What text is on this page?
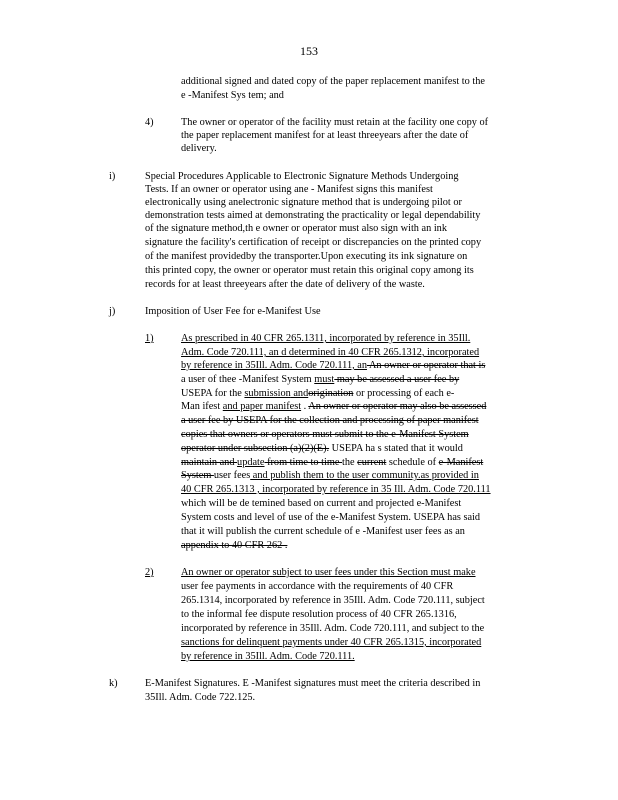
153
additional signed and dated copy of the paper replacement manifest to the
e -Manifest Sys tem; and
4)	The owner or operator of the facility must retain at the facility one copy of
the paper replacement manifest for at least threeyears after the date of
delivery.
i)	Special Procedures Applicable to Electronic Signature Methods Undergoing
Tests. If an owner or operator using ane - Manifest signs this manifest
electronically using anelectronic signature method that is undergoing pilot or
demonstration tests aimed at demonstrating the practicality or legal dependability
of the signature method,th e owner or operator must also sign with an ink
signature the facility's certification of receipt or discrepancies on the printed copy
of the manifest providedby the transporter.Upon executing its ink signature on
this printed copy, the owner or operator must retain this original copy among its
records for at least threeyears after the date of delivery of the waste.
j)	Imposition of User Fee for e-Manifest Use
1)	As prescribed in 40 CFR 265.1311, incorporated by reference in 35Ill.
Adm. Code 720.111, an d determined in 40 CFR 265.1312, incorporated
by reference in 35Ill. Adm. Code 720.111, an An owner or operator that is
a user of thee -Manifest System must may be assessed a user fee by
USEPA for the submission andorigination or processing of each e-
Man ifest and paper manifest . An owner or operator may also be assessed
a user fee by USEPA for the collection and processing of paper manifest
copies that owners or operators must submit to the e-Manifest System
operator under subsection (a)(2)(E). USEPA ha s stated that it would
maintain and update from time to time the current schedule of e-Manifest
System user fees and publish them to the user community.as provided in
40 CFR 265.1313 , incorporated by reference in 35 Ill. Adm. Code 720.111
which will be de temined based on current and projected e-Manifest
System costs and level of use of the e-Manifest System. USEPA has said
that it will publish the current schedule of e -Manifest user fees as an
appendix to 40 CFR 262 .
2)	An owner or operator subject to user fees under this Section must make
user fee payments in accordance with the requirements of 40 CFR
265.1314, incorporated by reference in 35Ill. Adm. Code 720.111, subject
to the informal fee dispute resolution process of 40 CFR 265.1316,
incorporated by reference in 35Ill. Adm. Code 720.111, and subject to the
sanctions for delinquent payments under 40 CFR 265.1315, incorporated
by reference in 35Ill. Adm. Code 720.111.
k)	E-Manifest Signatures. E -Manifest signatures must meet the criteria described in
35Ill. Adm. Code 722.125.
